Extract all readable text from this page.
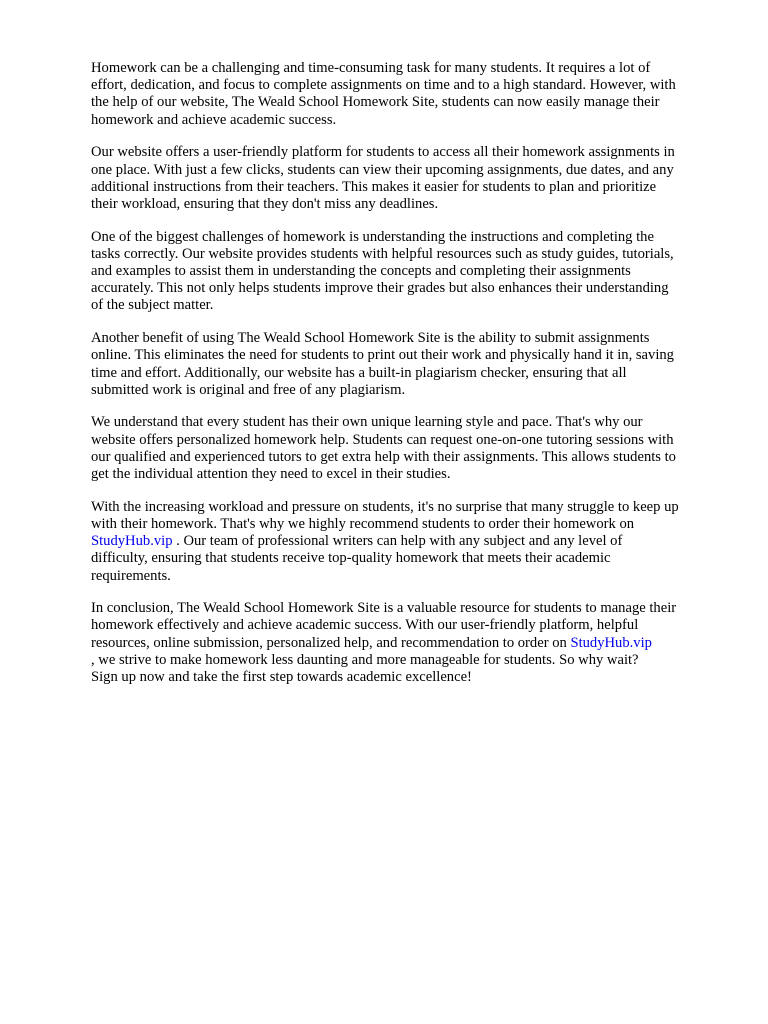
Homework can be a challenging and time-consuming task for many students. It requires a lot of
effort, dedication, and focus to complete assignments on time and to a high standard. However, with
the help of our website, The Weald School Homework Site, students can now easily manage their
homework and achieve academic success.

Our website offers a user-friendly platform for students to access all their homework assignments in
one place. With just a few clicks, students can view their upcoming assignments, due dates, and any
additional instructions from their teachers. This makes it easier for students to plan and prioritize
their workload, ensuring that they don't miss any deadlines.

One of the biggest challenges of homework is understanding the instructions and completing the
tasks correctly. Our website provides students with helpful resources such as study guides, tutorials,
and examples to assist them in understanding the concepts and completing their assignments
accurately. This not only helps students improve their grades but also enhances their understanding
of the subject matter.

Another benefit of using The Weald School Homework Site is the ability to submit assignments
online. This eliminates the need for students to print out their work and physically hand it in, saving
time and effort. Additionally, our website has a built-in plagiarism checker, ensuring that all
submitted work is original and free of any plagiarism.

We understand that every student has their own unique learning style and pace. That's why our
website offers personalized homework help. Students can request one-on-one tutoring sessions with
our qualified and experienced tutors to get extra help with their assignments. This allows students to
get the individual attention they need to excel in their studies.

With the increasing workload and pressure on students, it's no surprise that many struggle to keep up
with their homework. That's why we highly recommend students to order their homework on
StudyHub.vip . Our team of professional writers can help with any subject and any level of
difficulty, ensuring that students receive top-quality homework that meets their academic
requirements.

In conclusion, The Weald School Homework Site is a valuable resource for students to manage their
homework effectively and achieve academic success. With our user-friendly platform, helpful
resources, online submission, personalized help, and recommendation to order on StudyHub.vip
, we strive to make homework less daunting and more manageable for students. So why wait?
Sign up now and take the first step towards academic excellence!
